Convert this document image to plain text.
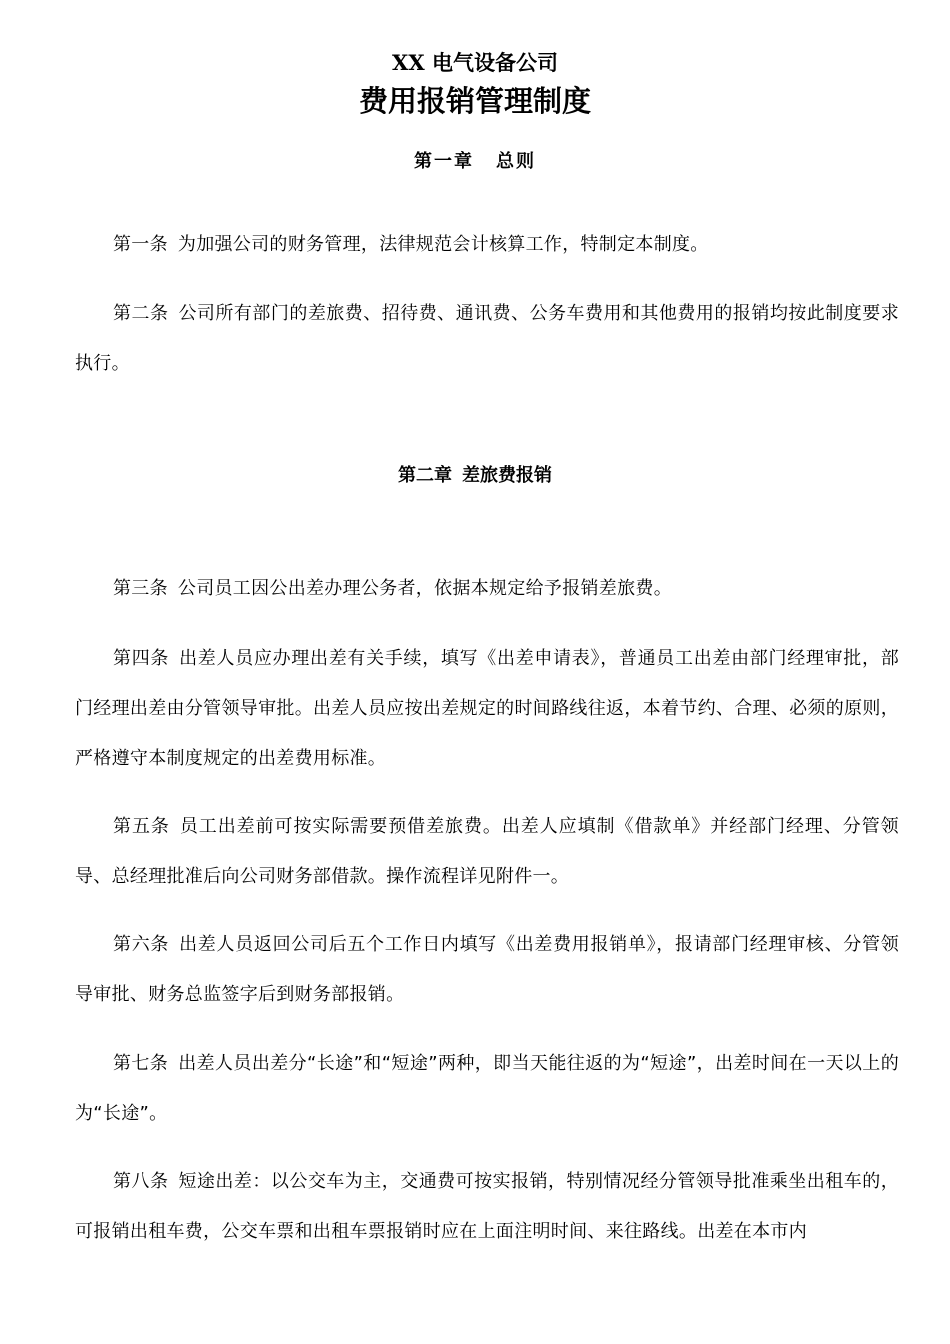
XX 电气设备公司
费用报销管理制度
第一章 总则
第一条 为加强公司的财务管理，法律规范会计核算工作，特制定本制度。
第二条 公司所有部门的差旅费、招待费、通讯费、公务车费用和其他费用的报销均按此制度要求执行。
第二章 差旅费报销
第三条 公司员工因公出差办理公务者，依据本规定给予报销差旅费。
第四条 出差人员应办理出差有关手续，填写《出差申请表》，普通员工出差由部门经理审批，部门经理出差由分管领导审批。出差人员应按出差规定的时间路线往返，本着节约、合理、必须的原则，严格遵守本制度规定的出差费用标准。
第五条 员工出差前可按实际需要预借差旅费。出差人应填制《借款单》并经部门经理、分管领导、总经理批准后向公司财务部借款。操作流程详见附件一。
第六条 出差人员返回公司后五个工作日内填写《出差费用报销单》，报请部门经理审核、分管领导审批、财务总监签字后到财务部报销。
第七条 出差人员出差分“长途”和“短途”两种，即当天能往返的为“短途”，出差时间在一天以上的为“长途”。
第八条 短途出差：以公交车为主，交通费可按实报销，特别情况经分管领导批准乘坐出租车的，可报销出租车费，公交车票和出租车票报销时应在上面注明时间、来往路线。出差在本市内
